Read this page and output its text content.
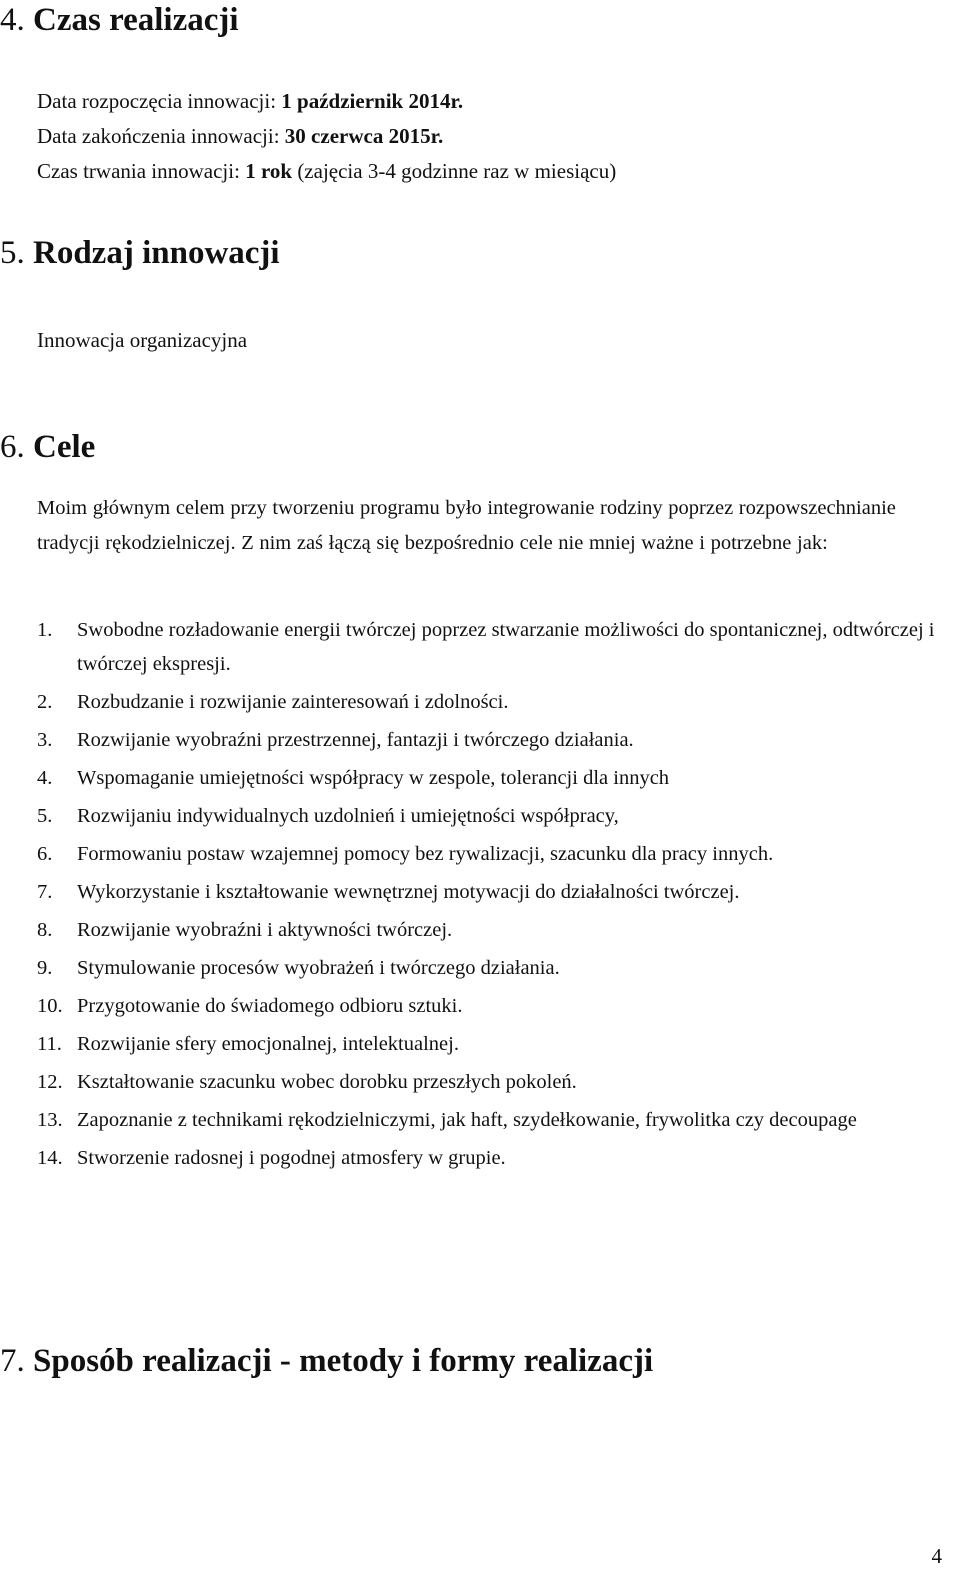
4. Czas realizacji
Data rozpoczęcia innowacji: 1 październik 2014r.
Data zakończenia innowacji: 30 czerwca 2015r.
Czas trwania innowacji: 1 rok (zajęcia 3-4 godzinne raz w miesiącu)
5. Rodzaj innowacji
Innowacja organizacyjna
6. Cele

Moim głównym celem przy tworzeniu programu było integrowanie rodziny poprzez rozpowszechnianie tradycji rękodzielniczej. Z nim zaś łączą się bezpośrednio cele nie mniej ważne i potrzebne jak:

1. Swobodne rozładowanie energii twórczej poprzez stwarzanie możliwości do spontanicznej, odtwórczej i twórczej ekspresji.
2. Rozbudzanie i rozwijanie zainteresowań i zdolności.
3. Rozwijanie wyobraźni przestrzennej, fantazji i twórczego działania.
4. Wspomaganie umiejętności współpracy w zespole, tolerancji dla innych
5. Rozwijaniu indywidualnych uzdolnień i umiejętności współpracy,
6. Formowaniu postaw wzajemnej pomocy bez rywalizacji, szacunku dla pracy innych.
7. Wykorzystanie i kształtowanie wewnętrznej motywacji do działalności twórczej.
8. Rozwijanie wyobraźni i aktywności twórczej.
9. Stymulowanie procesów wyobrażeń i twórczego działania.
10. Przygotowanie do świadomego odbioru sztuki.
11. Rozwijanie sfery emocjonalnej, intelektualnej.
12. Kształtowanie szacunku wobec dorobku przeszłych pokoleń.
13. Zapoznanie z technikami rękodzielniczymi, jak haft, szydełkowanie, frywolitka czy decoupage
14. Stworzenie radosnej i pogodnej atmosfery w grupie.
7. Sposób realizacji - metody i formy realizacji
4
